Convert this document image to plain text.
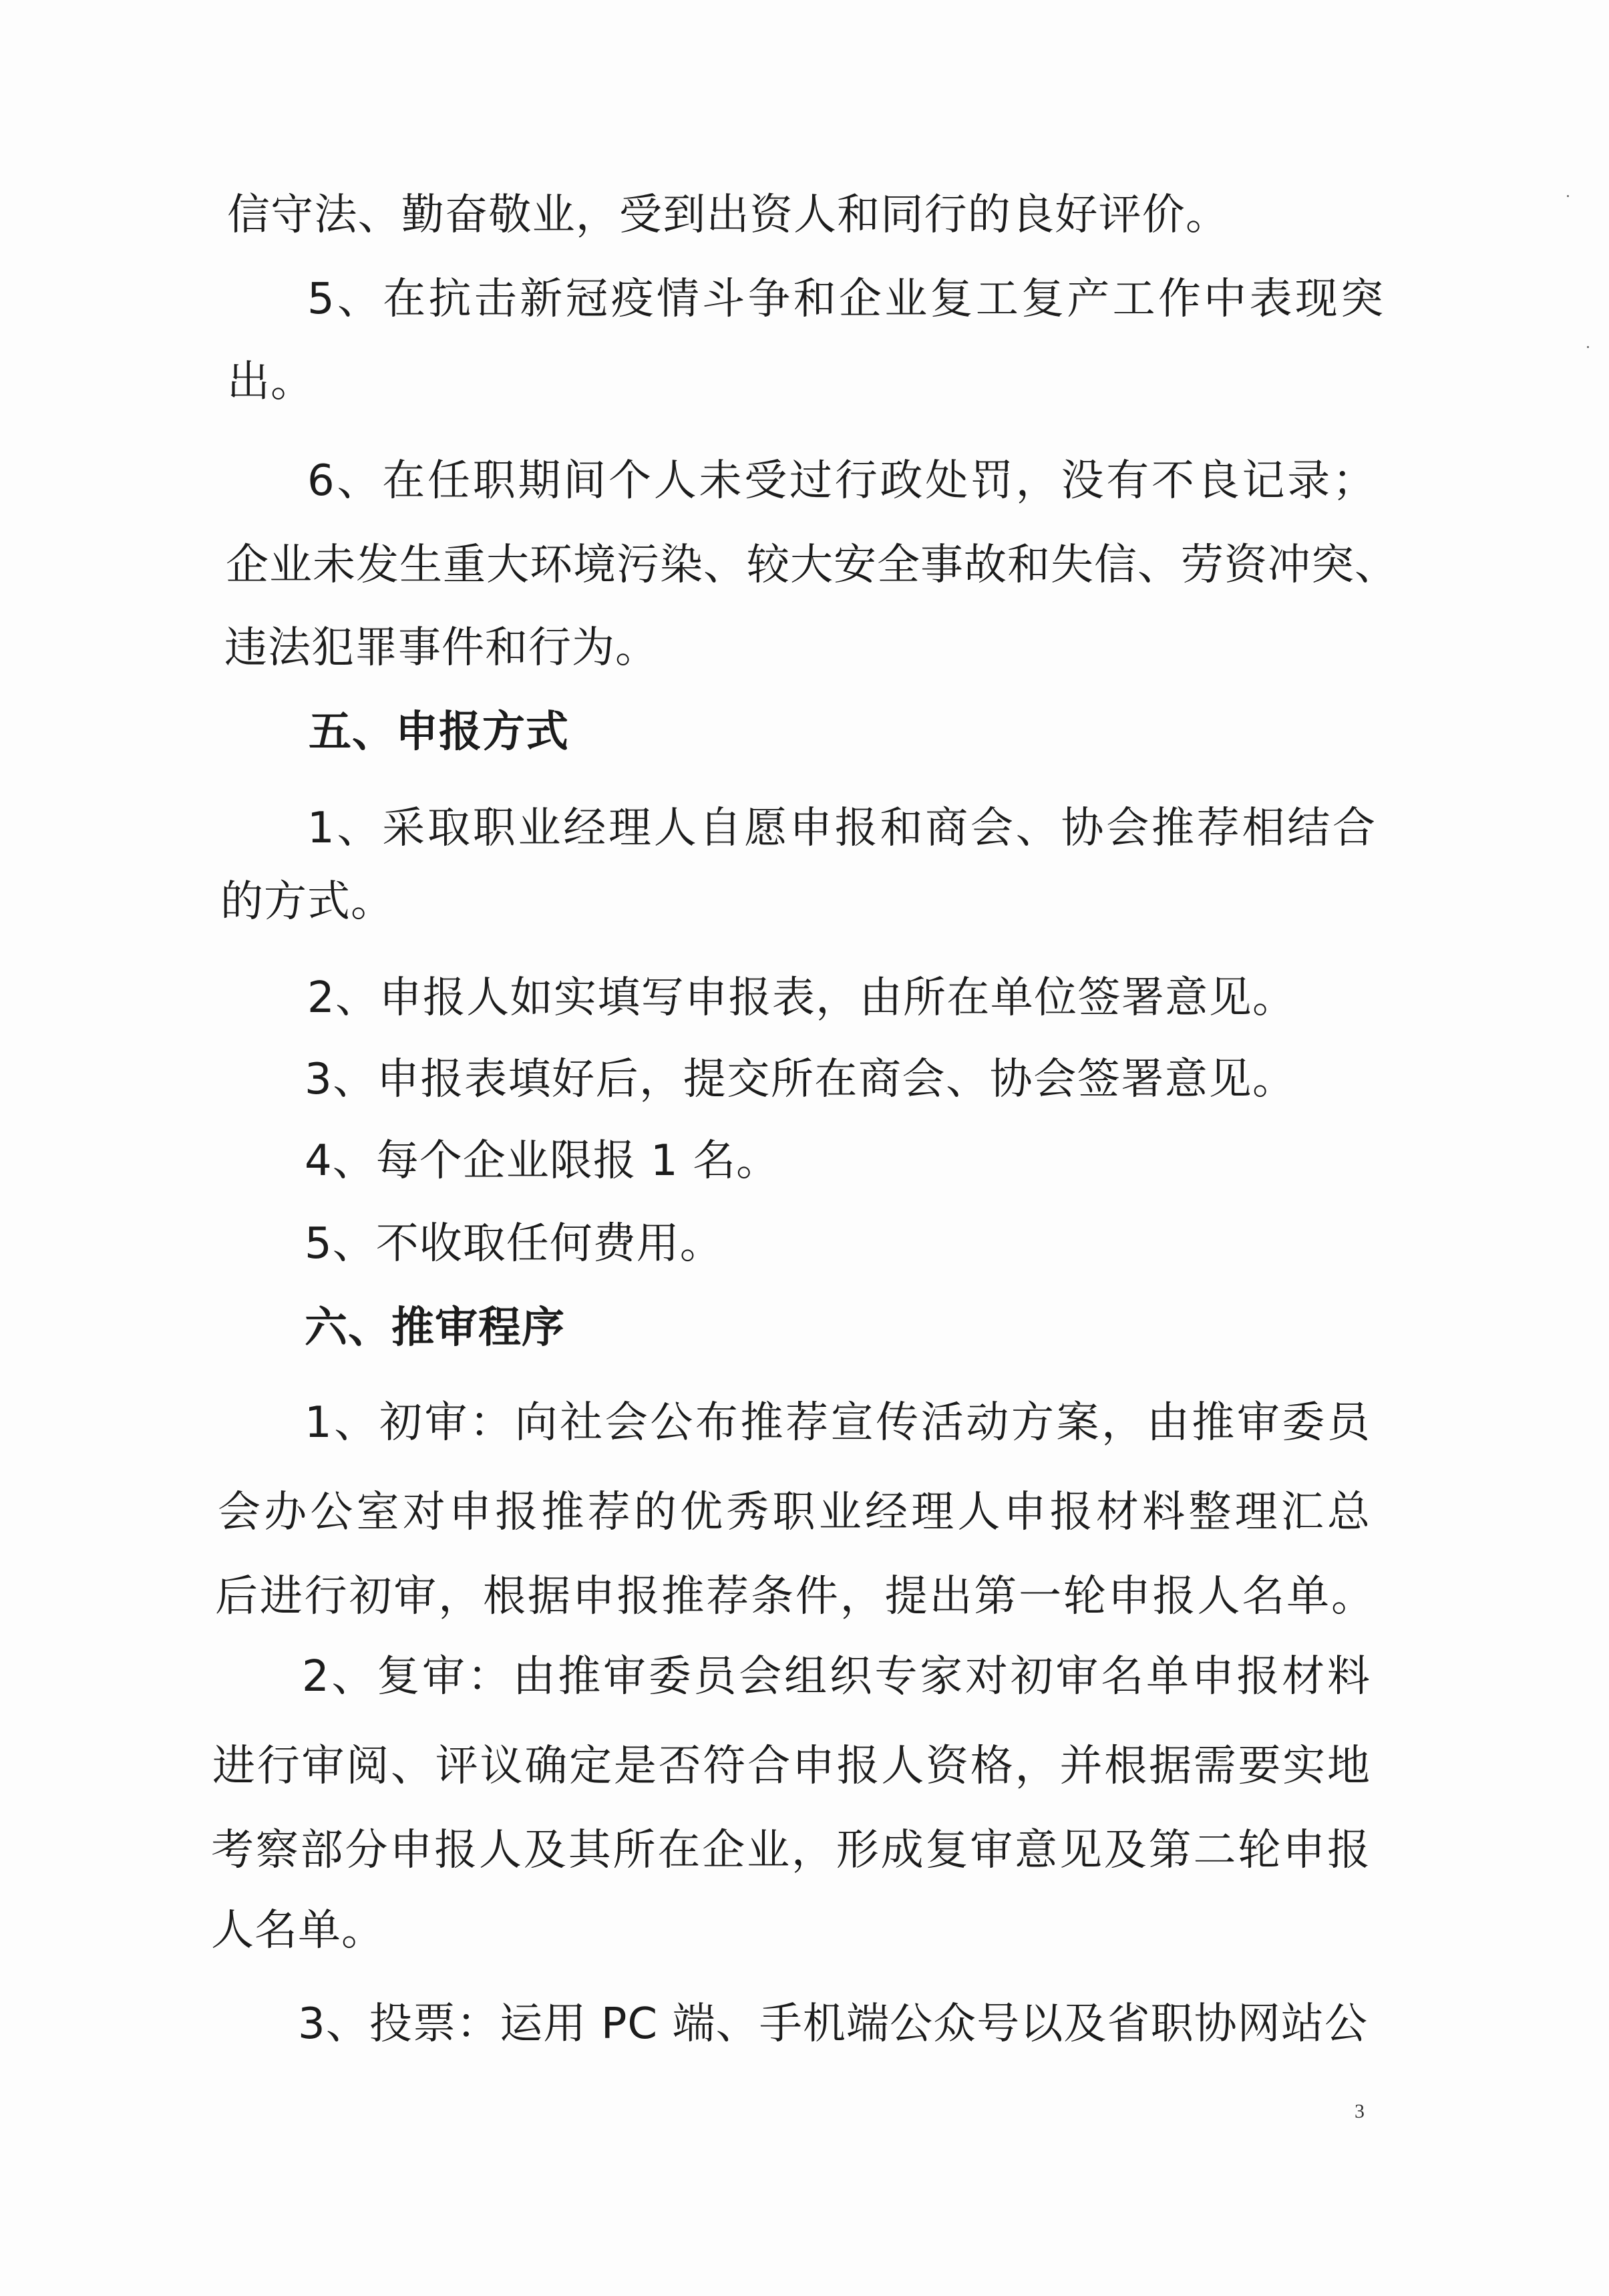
信守法、勤奋敬业，受到出资人和同行的良好评价。
5、在抗击新冠疫情斗争和企业复工复产工作中表现突
出。
6、在任职期间个人未受过行政处罚，没有不良记录；
企业未发生重大环境污染、较大安全事故和失信、劳资冲突、
违法犯罪事件和行为。
五、申报方式
1、采取职业经理人自愿申报和商会、协会推荐相结合
的方式。
2、申报人如实填写申报表，由所在单位签署意见。
3、申报表填好后，提交所在商会、协会签署意见。
4、每个企业限报 1 名。
5、不收取任何费用。
六、推审程序
1、初审：向社会公布推荐宣传活动方案，由推审委员
会办公室对申报推荐的优秀职业经理人申报材料整理汇总
后进行初审，根据申报推荐条件，提出第一轮申报人名单。
2、复审：由推审委员会组织专家对初审名单申报材料
进行审阅、评议确定是否符合申报人资格，并根据需要实地
考察部分申报人及其所在企业，形成复审意见及第二轮申报
人名单。
3、投票：运用 PC 端、手机端公众号以及省职协网站公
3
